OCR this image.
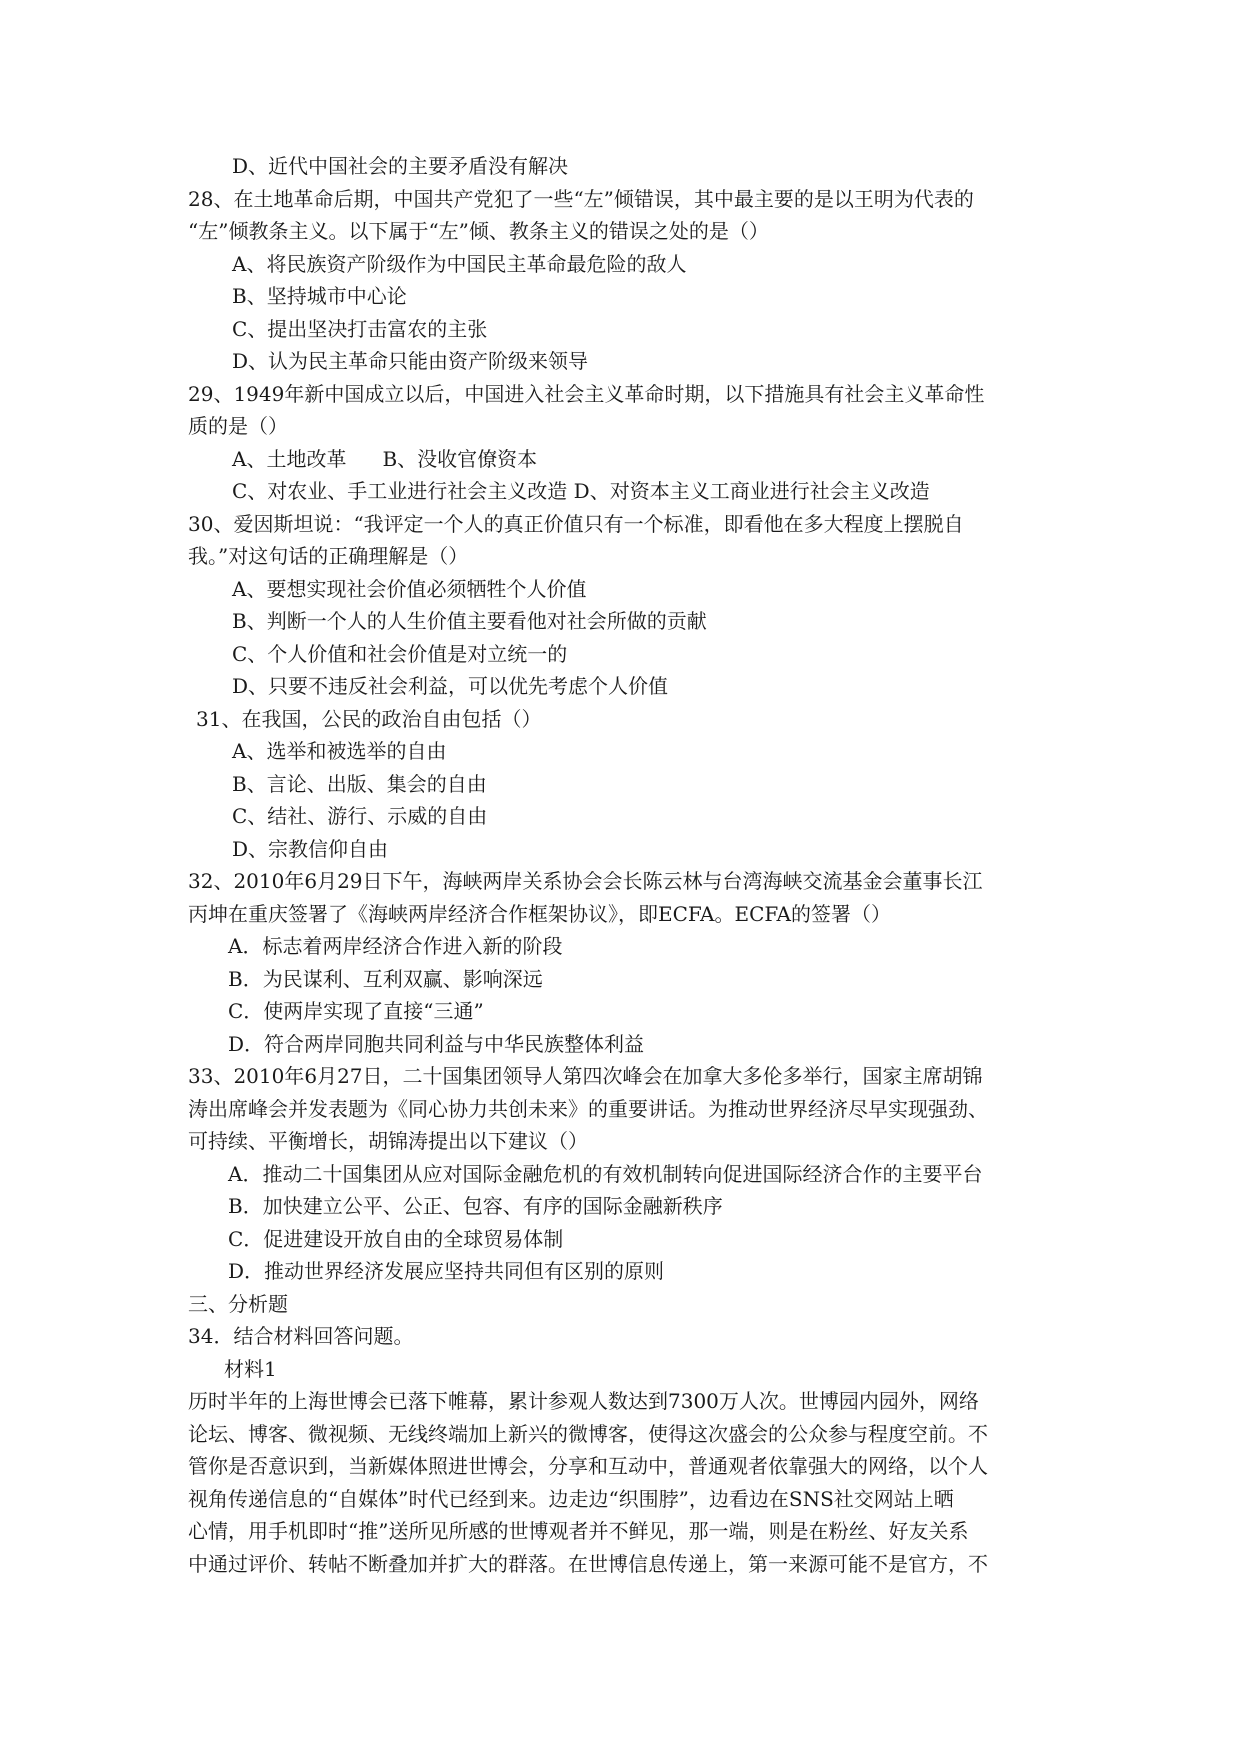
D、近代中国社会的主要矛盾没有解决
28、在土地革命后期，中国共产党犯了一些“左”倾错误，其中最主要的是以王明为代表的
“左”倾教条主义。以下属于“左”倾、教条主义的错误之处的是（）
A、将民族资产阶级作为中国民主革命最危险的敌人
B、坚持城市中心论
C、提出坚决打击富农的主张
D、认为民主革命只能由资产阶级来领导
29、1949年新中国成立以后，中国进入社会主义革命时期，以下措施具有社会主义革命性
质的是（）
A、土地改革 B、没收官僚资本
C、对农业、手工业进行社会主义改造 D、对资本主义工商业进行社会主义改造
30、爱因斯坦说：“我评定一个人的真正价值只有一个标准，即看他在多大程度上摆脱自
我。”对这句话的正确理解是（）
A、要想实现社会价值必须牺牲个人价值
B、判断一个人的人生价值主要看他对社会所做的贡献
C、个人价值和社会价值是对立统一的
D、只要不违反社会利益，可以优先考虑个人价值
31、在我国，公民的政治自由包括（）
A、选举和被选举的自由
B、言论、出版、集会的自由
C、结社、游行、示威的自由
D、宗教信仰自由
32、2010年6月29日下午，海峡两岸关系协会会长陈云林与台湾海峡交流基金会董事长江
丙坤在重庆签署了《海峡两岸经济合作框架协议》，即ECFA。ECFA的签署（）
A．标志着两岸经济合作进入新的阶段
B．为民谋利、互利双赢、影响深远
C．使两岸实现了直接“三通”
D．符合两岸同胞共同利益与中华民族整体利益
33、2010年6月27日，二十国集团领导人第四次峰会在加拿大多伦多举行，国家主席胡锦
涛出席峰会并发表题为《同心协力共创未来》的重要讲话。为推动世界经济尽早实现强劲、
可持续、平衡增长，胡锦涛提出以下建议（）
A．推动二十国集团从应对国际金融危机的有效机制转向促进国际经济合作的主要平台
B．加快建立公平、公正、包容、有序的国际金融新秩序
C．促进建设开放自由的全球贸易体制
D．推动世界经济发展应坚持共同但有区别的原则
三、分析题
34．结合材料回答问题。
材料1
历时半年的上海世博会已落下帷幕，累计参观人数达到7300万人次。世博园内园外，网络
论坛、博客、微视频、无线终端加上新兴的微博客，使得这次盛会的公众参与程度空前。不
管你是否意识到，当新媒体照进世博会，分享和互动中，普通观者依靠强大的网络，以个人
视角传递信息的“自媒体”时代已经到来。边走边“织围脖”，边看边在SNS社交网站上晒
心情，用手机即时“推”送所见所感的世博观者并不鲜见，那一端，则是在粉丝、好友关系
中通过评价、转帖不断叠加并扩大的群落。在世博信息传递上，第一来源可能不是官方，不
